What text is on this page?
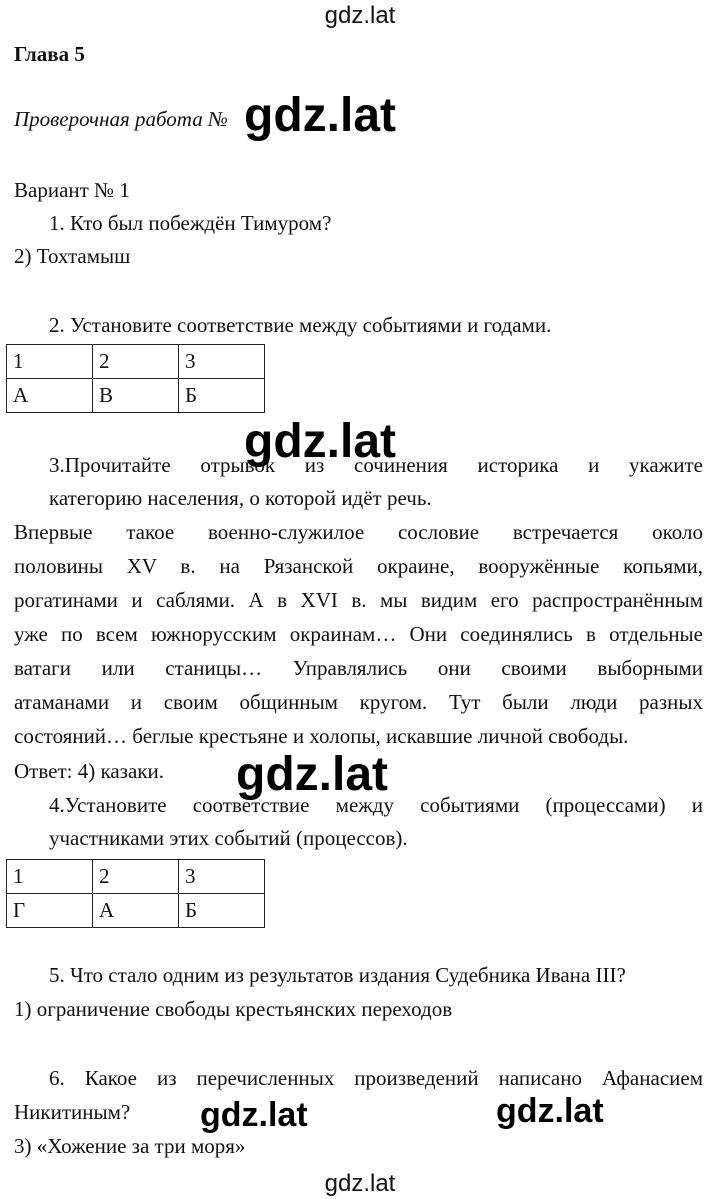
gdz.lat
Глава 5
Проверочная работа № gdz.lat
Вариант № 1
1. Кто был побеждён Тимуром?
2) Тохтамыш
2. Установите соответствие между событиями и годами.
1	2	3
А	В	Б
gdz.lat
3.Прочитайте отрывок из сочинения историка и укажите
категорию населения, о которой идёт речь.
Впервые такое военно-служилое сословие встречается около
половины XV в. на Рязанской окраине, вооружённые копьями,
рогатинами и саблями. А в XVI в. мы видим его распространённым
уже по всем южнорусским окраинам… Они соединялись в отдельные
ватаги или станицы… Управлялись они своими выборными
атаманами и своим общинным кругом. Тут были люди разных
состояний… беглые крестьяне и холопы, искавшие личной свободы.
Ответ: 4) казаки. gdz.lat
4.Установите соответствие между событиями (процессами) и
участниками этих событий (процессов).
1	2	3
Г	А	Б
5. Что стало одним из результатов издания Судебника Ивана III?
1) ограничение свободы крестьянских переходов
6. Какое из перечисленных произведений написано Афанасием
Никитиным? gdz.lat	gdz.lat
3) «Хожение за три моря»
gdz.lat
